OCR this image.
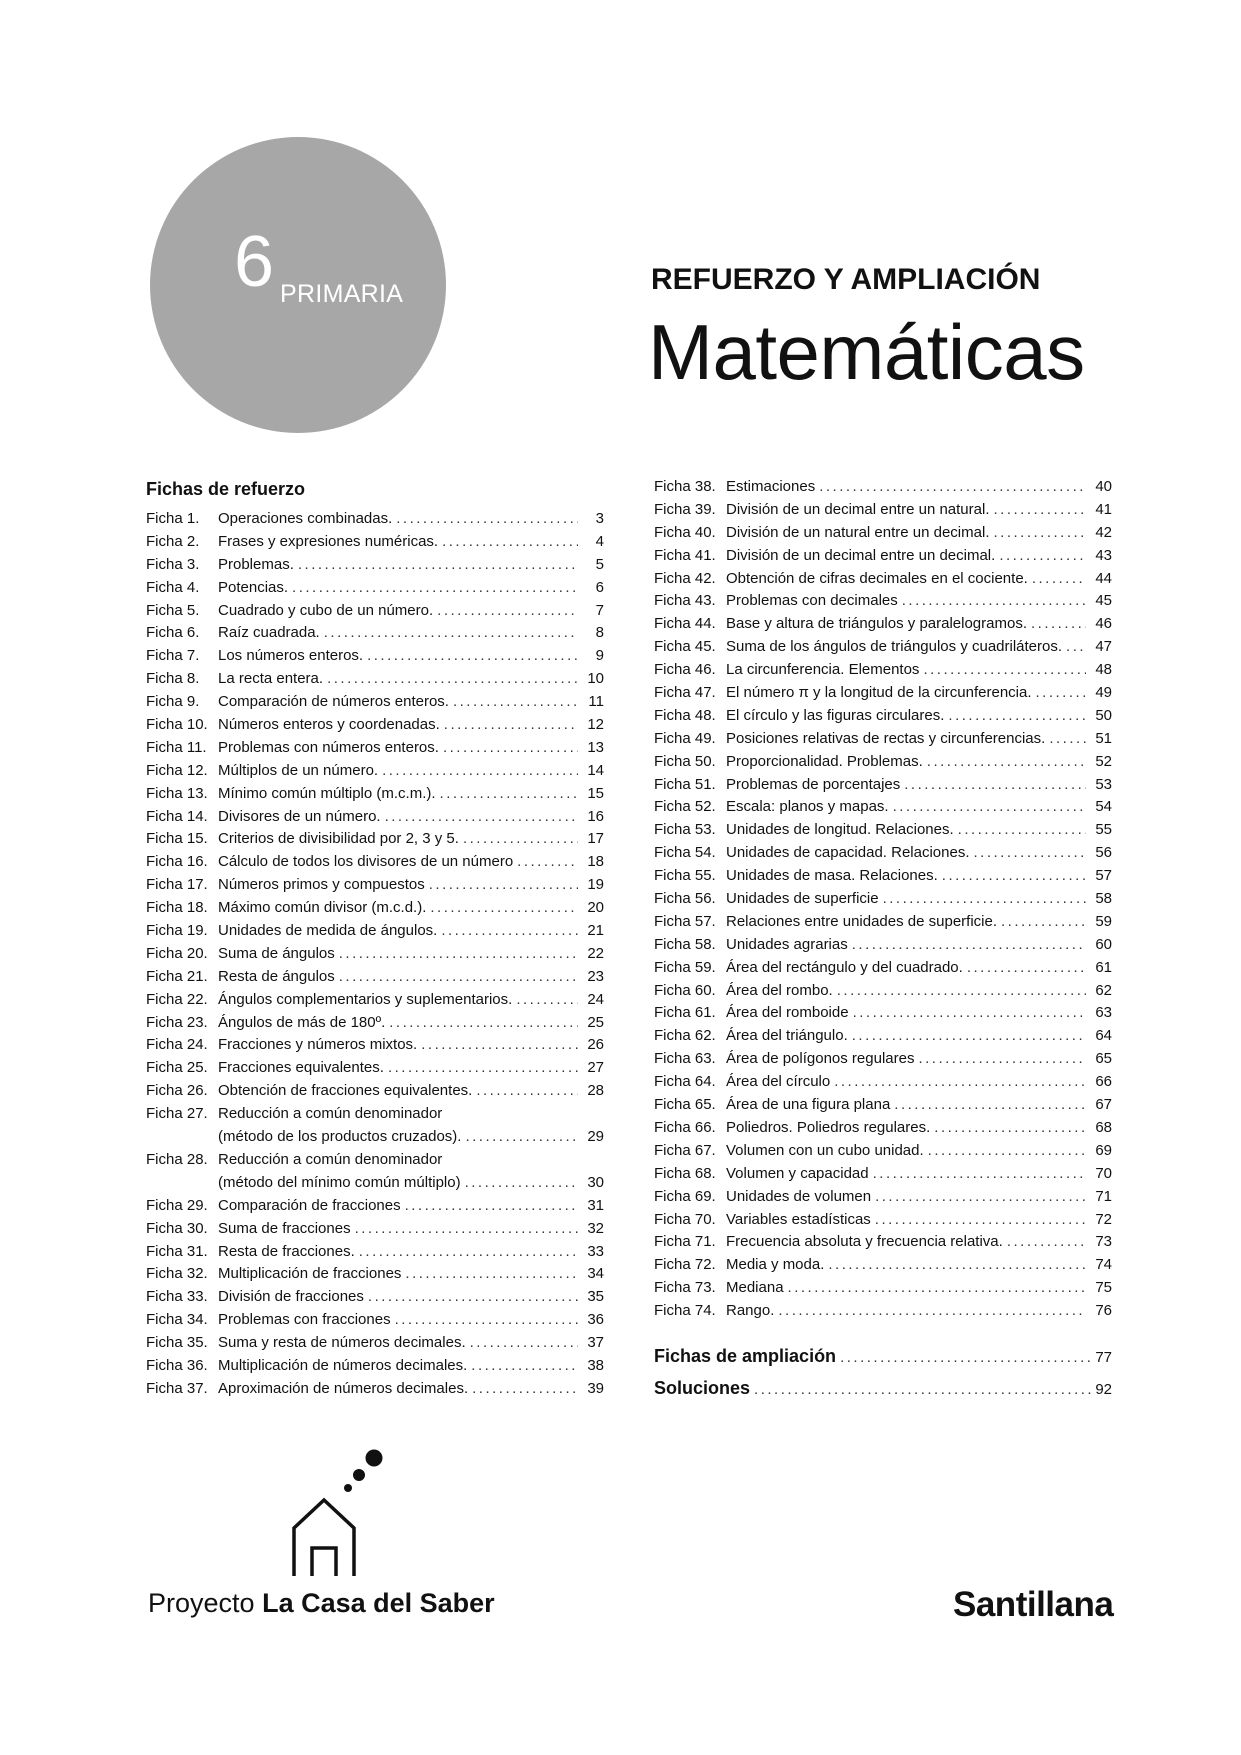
6 PRIMARIA	REFUERZO Y AMPLIACIÓN
Matemáticas
Fichas de refuerzo
Ficha 1.	Operaciones combinadas. .....	3
Ficha 2.	Frases y expresiones numéricas. .....	4
Ficha 3.	Problemas. .....	5
Ficha 4.	Potencias. .....	6
Ficha 5.	Cuadrado y cubo de un número. .....	7
Ficha 6.	Raíz cuadrada. .....	8
Ficha 7.	Los números enteros. .....	9
Ficha 8.	La recta entera. .....	10
Ficha 9.	Comparación de números enteros. .....	11
Ficha 10. Números enteros y coordenadas. .....	12
Ficha 11. Problemas con números enteros. .....	13
Ficha 12. Múltiplos de un número. .....	14
Ficha 13. Mínimo común múltiplo (m.c.m.). .....	15
Ficha 14. Divisores de un número. .....	16
Ficha 15. Criterios de divisibilidad por 2, 3 y 5. .....	17
Ficha 16. Cálculo de todos los divisores de un número .....	18
Ficha 17. Números primos y compuestos .....	19
Ficha 18. Máximo común divisor (m.c.d.). .....	20
Ficha 19. Unidades de medida de ángulos. .....	21
Ficha 20. Suma de ángulos .....	22
Ficha 21. Resta de ángulos .....	23
Ficha 22. Ángulos complementarios y suplementarios. .....	24
Ficha 23. Ángulos de más de 180º. .....	25
Ficha 24. Fracciones y números mixtos. .....	26
Ficha 25. Fracciones equivalentes. .....	27
Ficha 26. Obtención de fracciones equivalentes. .....	28
Ficha 27. Reducción a común denominador
(método de los productos cruzados). .....	29
Ficha 28. Reducción a común denominador
(método del mínimo común múltiplo) .....	30
Ficha 29. Comparación de fracciones .....	31
Ficha 30. Suma de fracciones .....	32
Ficha 31. Resta de fracciones. .....	33
Ficha 32. Multiplicación de fracciones .....	34
Ficha 33. División de fracciones .....	35
Ficha 34. Problemas con fracciones .....	36
Ficha 35. Suma y resta de números decimales. .....	37
Ficha 36. Multiplicación de números decimales. .....	38
Ficha 37. Aproximación de números decimales. .....	39
Ficha 38. Estimaciones .....	40
Ficha 39. División de un decimal entre un natural. .....	41
Ficha 40. División de un natural entre un decimal. .....	42
Ficha 41. División de un decimal entre un decimal. .....	43
Ficha 42. Obtención de cifras decimales en el cociente. .....	44
Ficha 43. Problemas con decimales .....	45
Ficha 44. Base y altura de triángulos y paralelogramos. .....	46
Ficha 45. Suma de los ángulos de triángulos y cuadriláteros. .....	47
Ficha 46. La circunferencia. Elementos .....	48
Ficha 47. El número π y la longitud de la circunferencia. .....	49
Ficha 48. El círculo y las figuras circulares. .....	50
Ficha 49. Posiciones relativas de rectas y circunferencias. .....	51
Ficha 50. Proporcionalidad. Problemas. .....	52
Ficha 51. Problemas de porcentajes .....	53
Ficha 52. Escala: planos y mapas. .....	54
Ficha 53. Unidades de longitud. Relaciones. .....	55
Ficha 54. Unidades de capacidad. Relaciones. .....	56
Ficha 55. Unidades de masa. Relaciones. .....	57
Ficha 56. Unidades de superficie .....	58
Ficha 57. Relaciones entre unidades de superficie. .....	59
Ficha 58. Unidades agrarias .....	60
Ficha 59. Área del rectángulo y del cuadrado. .....	61
Ficha 60. Área del rombo. .....	62
Ficha 61. Área del romboide .....	63
Ficha 62. Área del triángulo. .....	64
Ficha 63. Área de polígonos regulares .....	65
Ficha 64. Área del círculo .....	66
Ficha 65. Área de una figura plana .....	67
Ficha 66. Poliedros. Poliedros regulares. .....	68
Ficha 67. Volumen con un cubo unidad. .....	69
Ficha 68. Volumen y capacidad .....	70
Ficha 69. Unidades de volumen .....	71
Ficha 70. Variables estadísticas .....	72
Ficha 71. Frecuencia absoluta y frecuencia relativa. .....	73
Ficha 72. Media y moda. .....	74
Ficha 73. Mediana .....	75
Ficha 74. Rango. .....	76
Fichas de ampliación .....	77
Soluciones .....	92
Proyecto La Casa del Saber	Santillana
